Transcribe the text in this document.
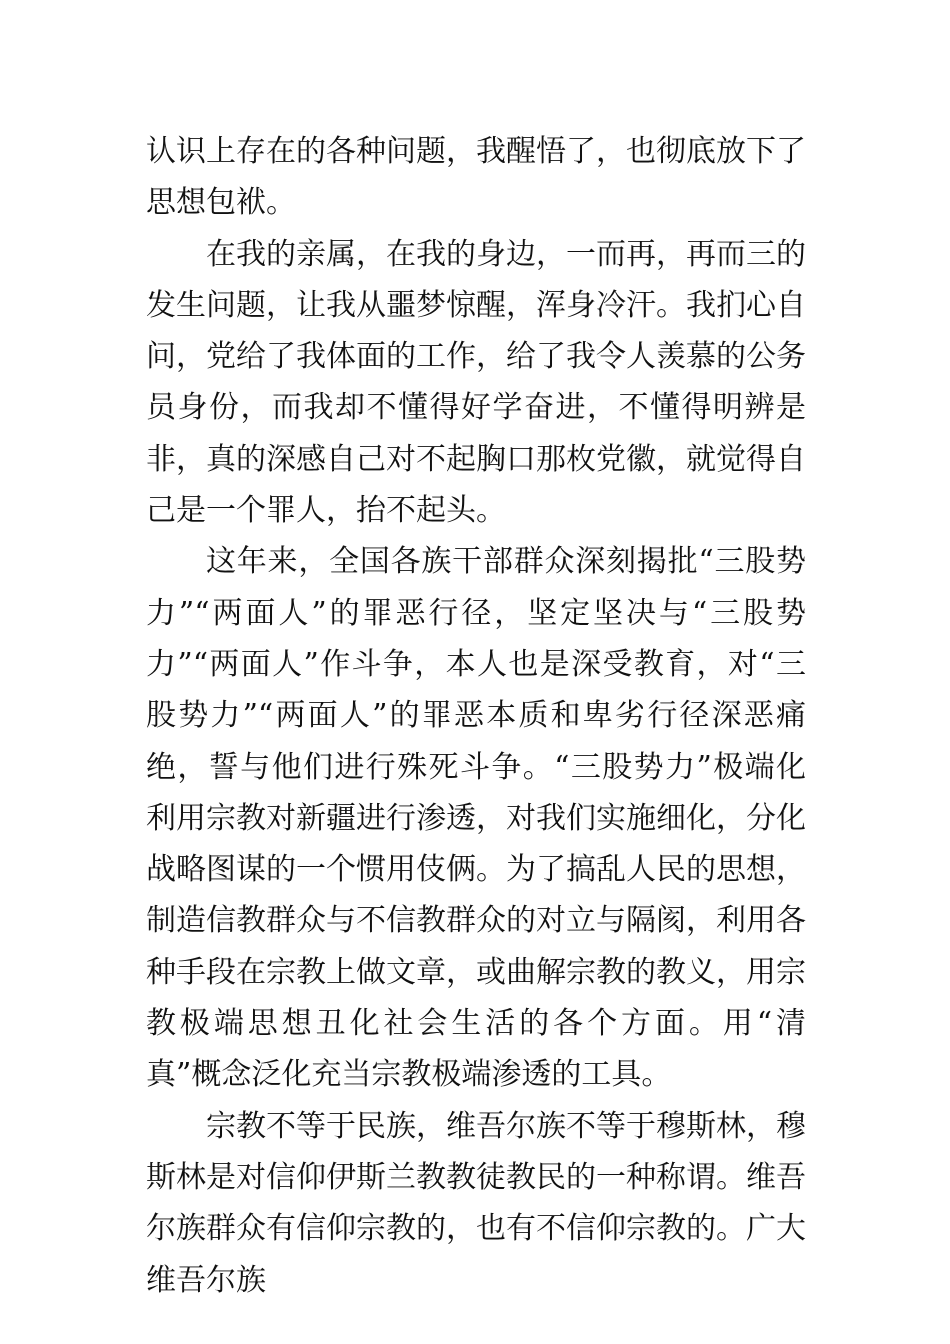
认识上存在的各种问题，我醒悟了，也彻底放下了思想包袱。

在我的亲属，在我的身边，一而再，再而三的发生问题，让我从噩梦惊醒，浑身冷汗。我扪心自问，党给了我体面的工作，给了我令人羡慕的公务员身份，而我却不懂得好学奋进，不懂得明辨是非，真的深感自己对不起胸口那枚党徽，就觉得自己是一个罪人，抬不起头。

这年来，全国各族干部群众深刻揭批“三股势力”“两面人”的罪恶行径，坚定坚决与“三股势力”“两面人”作斗争，本人也是深受教育，对“三股势力”“两面人”的罪恶本质和卑劣行径深恶痛绝，誓与他们进行殊死斗争。“三股势力”极端化利用宗教对新疆进行渗透，对我们实施细化，分化战略图谋的一个惯用伎俩。为了搞乱人民的思想，制造信教群众与不信教群众的对立与隔阂，利用各种手段在宗教上做文章，或曲解宗教的教义，用宗教极端思想丑化社会生活的各个方面。用“清真”概念泛化充当宗教极端渗透的工具。

宗教不等于民族，维吾尔族不等于穆斯林，穆斯林是对信仰伊斯兰教教徒教民的一种称谓。维吾尔族群众有信仰宗教的，也有不信仰宗教的。广大维吾尔族
